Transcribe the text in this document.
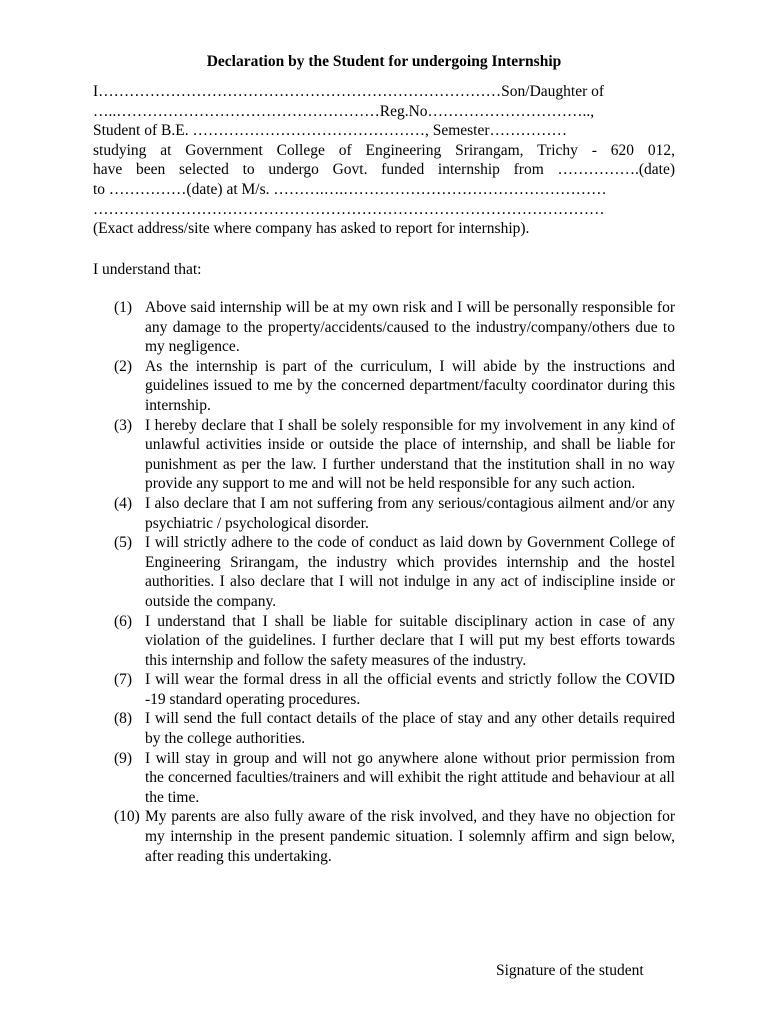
Declaration by the Student for undergoing Internship
I……………………………………………………………………Son/Daughter of
…..……………………………………………Reg.No…………………………..,
Student of B.E. ………………………………………, Semester……………
studying at Government College of Engineering Srirangam, Trichy - 620 012,
have been selected to undergo Govt. funded internship from …………….(date)
to ……………(date) at M/s. ……….….……………………………………………
………………………………………………………………………………………
(Exact address/site where company has asked to report for internship).
I understand that:
(1) Above said internship will be at my own risk and I will be personally responsible for any damage to the property/accidents/caused to the industry/company/others due to my negligence.
(2) As the internship is part of the curriculum, I will abide by the instructions and guidelines issued to me by the concerned department/faculty coordinator during this internship.
(3) I hereby declare that I shall be solely responsible for my involvement in any kind of unlawful activities inside or outside the place of internship, and shall be liable for punishment as per the law. I further understand that the institution shall in no way provide any support to me and will not be held responsible for any such action.
(4) I also declare that I am not suffering from any serious/contagious ailment and/or any psychiatric / psychological disorder.
(5) I will strictly adhere to the code of conduct as laid down by Government College of Engineering Srirangam, the industry which provides internship and the hostel authorities. I also declare that I will not indulge in any act of indiscipline inside or outside the company.
(6) I understand that I shall be liable for suitable disciplinary action in case of any violation of the guidelines. I further declare that I will put my best efforts towards this internship and follow the safety measures of the industry.
(7) I will wear the formal dress in all the official events and strictly follow the COVID -19 standard operating procedures.
(8) I will send the full contact details of the place of stay and any other details required by the college authorities.
(9) I will stay in group and will not go anywhere alone without prior permission from the concerned faculties/trainers and will exhibit the right attitude and behaviour at all the time.
(10) My parents are also fully aware of the risk involved, and they have no objection for my internship in the present pandemic situation. I solemnly affirm and sign below, after reading this undertaking.
Signature of the student
